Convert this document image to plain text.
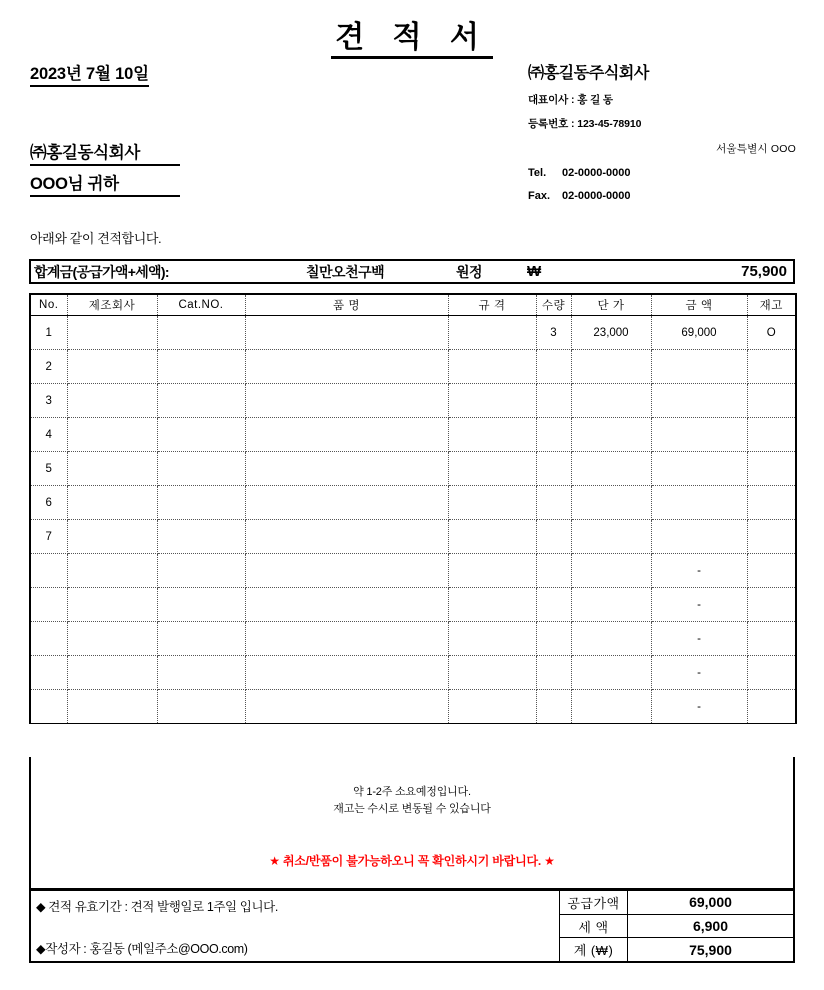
견 적 서
2023년 7월 10일
㈜홍길동식회사
OOO님 귀하
㈜홍길동주식회사
대표이사 : 홍 길 동
등록번호 : 123-45-78910
서울특별시 OOO
Tel. 02-0000-0000
Fax. 02-0000-0000
아래와 같이 견적합니다.
합계금(공급가액+세액):	칠만오천구백	원정	₩	75,900
No.	제조회사	Cat.NO.	품 명	규 격	수량	단 가	금 액	재고
1					3	23,000	69,000	O
2								
3								
4								
5								
6								
7								
							-	
							-	
							-	
							-	
							-	
약 1-2주 소요예정입니다.
재고는 수시로 변동될 수 있습니다
★ 취소/반품이 불가능하오니 꼭 확인하시기 바랍니다. ★
◆ 견적 유효기간 : 견적 발행일로 1주일 입니다.
◆작성자 : 홍길동 (메일주소@OOO.com)
공급가액	69,000
세 액	6,900
계 (₩)	75,900
